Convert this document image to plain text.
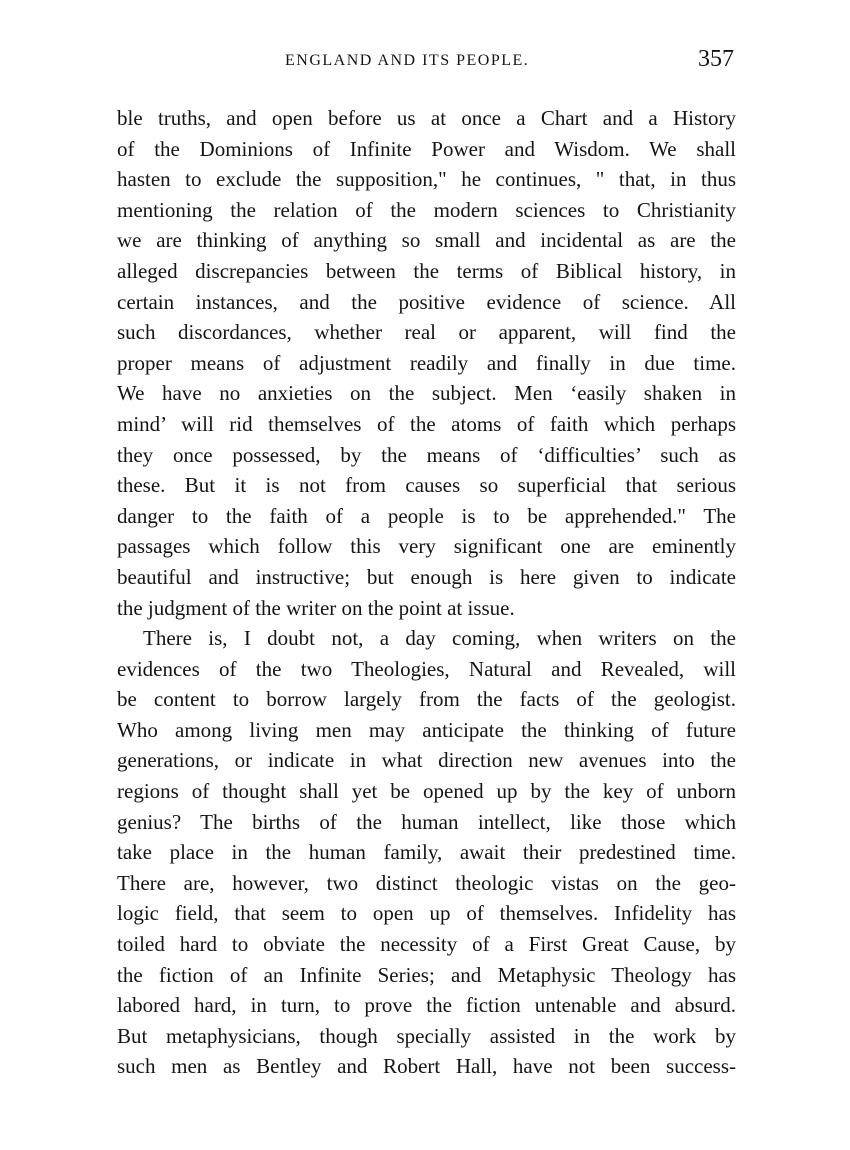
ENGLAND AND ITS PEOPLE.	357
ble truths, and open before us at once a Chart and a History
of the Dominions of Infinite Power and Wisdom. We shall
hasten to exclude the supposition," he continues, " that, in thus
mentioning the relation of the modern sciences to Christianity
we are thinking of anything so small and incidental as are the
alleged discrepancies between the terms of Biblical history, in
certain instances, and the positive evidence of science. All
such discordances, whether real or apparent, will find the
proper means of adjustment readily and finally in due time.
We have no anxieties on the subject. Men ‘easily shaken in
mind’ will rid themselves of the atoms of faith which perhaps
they once possessed, by the means of ‘difficulties’ such as
these. But it is not from causes so superficial that serious
danger to the faith of a people is to be apprehended." The
passages which follow this very significant one are eminently
beautiful and instructive; but enough is here given to indicate
the judgment of the writer on the point at issue.
There is, I doubt not, a day coming, when writers on the
evidences of the two Theologies, Natural and Revealed, will
be content to borrow largely from the facts of the geologist.
Who among living men may anticipate the thinking of future
generations, or indicate in what direction new avenues into the
regions of thought shall yet be opened up by the key of unborn
genius? The births of the human intellect, like those which
take place in the human family, await their predestined time.
There are, however, two distinct theologic vistas on the geo-
logic field, that seem to open up of themselves. Infidelity has
toiled hard to obviate the necessity of a First Great Cause, by
the fiction of an Infinite Series; and Metaphysic Theology has
labored hard, in turn, to prove the fiction untenable and absurd.
But metaphysicians, though specially assisted in the work by
such men as Bentley and Robert Hall, have not been success-
